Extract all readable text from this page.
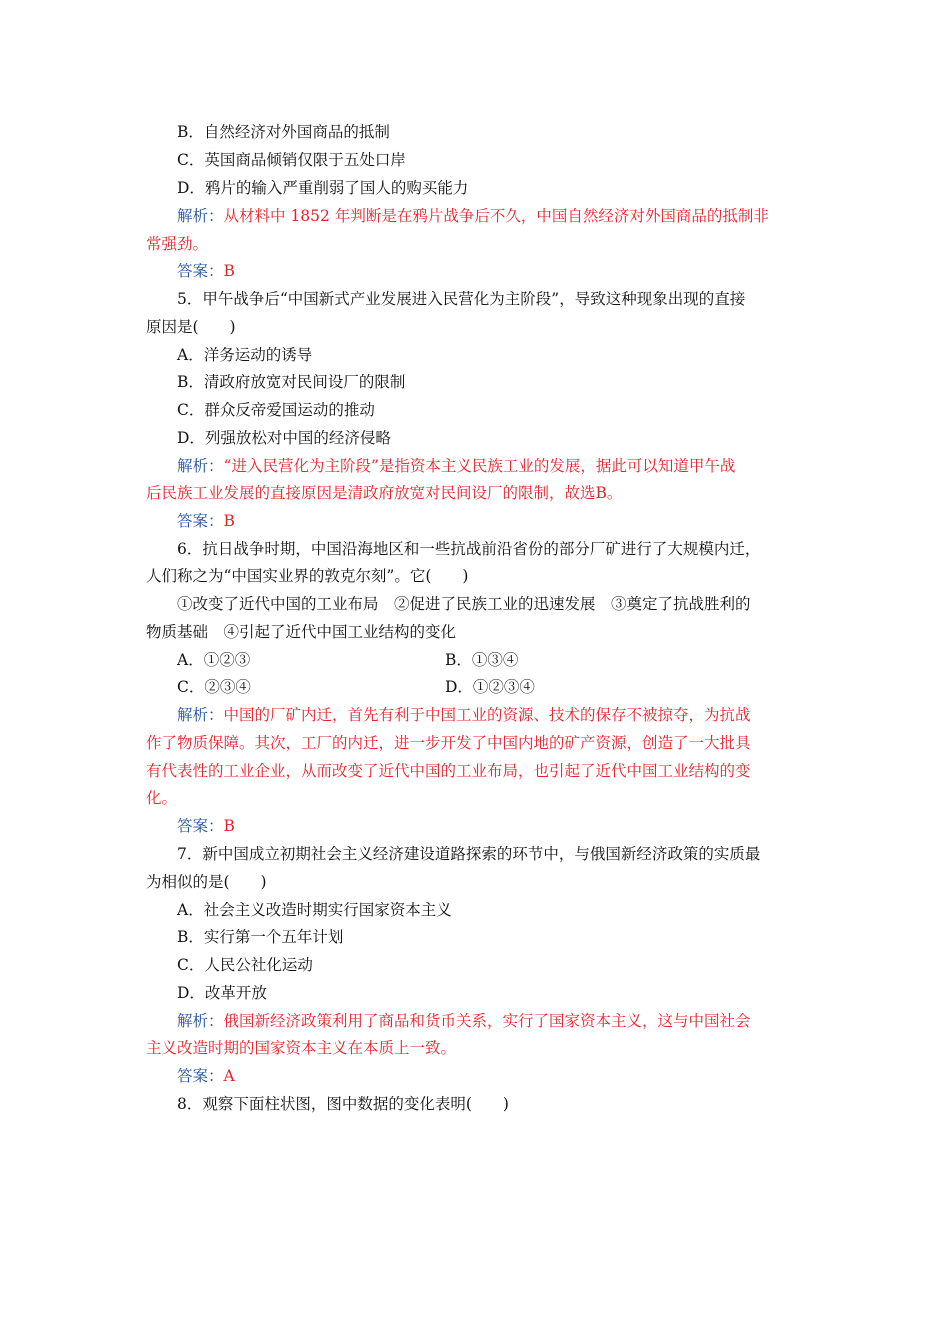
B．自然经济对外国商品的抵制
C．英国商品倾销仅限于五处口岸
D．鸦片的输入严重削弱了国人的购买能力
解析：从材料中 1852 年判断是在鸦片战争后不久，中国自然经济对外国商品的抵制非
常强劲。
答案：B
5．甲午战争后“中国新式产业发展进入民营化为主阶段”，导致这种现象出现的直接
原因是(　　)
A．洋务运动的诱导
B．清政府放宽对民间设厂的限制
C．群众反帝爱国运动的推动
D．列强放松对中国的经济侵略
解析：“进入民营化为主阶段”是指资本主义民族工业的发展，据此可以知道甲午战
后民族工业发展的直接原因是清政府放宽对民间设厂的限制，故选B。
答案：B
6．抗日战争时期，中国沿海地区和一些抗战前沿省份的部分厂矿进行了大规模内迁，
人们称之为“中国实业界的敦克尔刻”。它(　　)
①改变了近代中国的工业布局　②促进了民族工业的迅速发展　③奠定了抗战胜利的
物质基础　④引起了近代中国工业结构的变化
A．①②③	B．①③④
C．②③④	D．①②③④
解析：中国的厂矿内迁，首先有利于中国工业的资源、技术的保存不被掠夺，为抗战
作了物质保障。其次，工厂的内迁，进一步开发了中国内地的矿产资源，创造了一大批具
有代表性的工业企业，从而改变了近代中国的工业布局，也引起了近代中国工业结构的变
化。
答案：B
7．新中国成立初期社会主义经济建设道路探索的环节中，与俄国新经济政策的实质最
为相似的是(　　)
A．社会主义改造时期实行国家资本主义
B．实行第一个五年计划
C．人民公社化运动
D．改革开放
解析：俄国新经济政策利用了商品和货币关系，实行了国家资本主义，这与中国社会
主义改造时期的国家资本主义在本质上一致。
答案：A
8．观察下面柱状图，图中数据的变化表明(　　)
